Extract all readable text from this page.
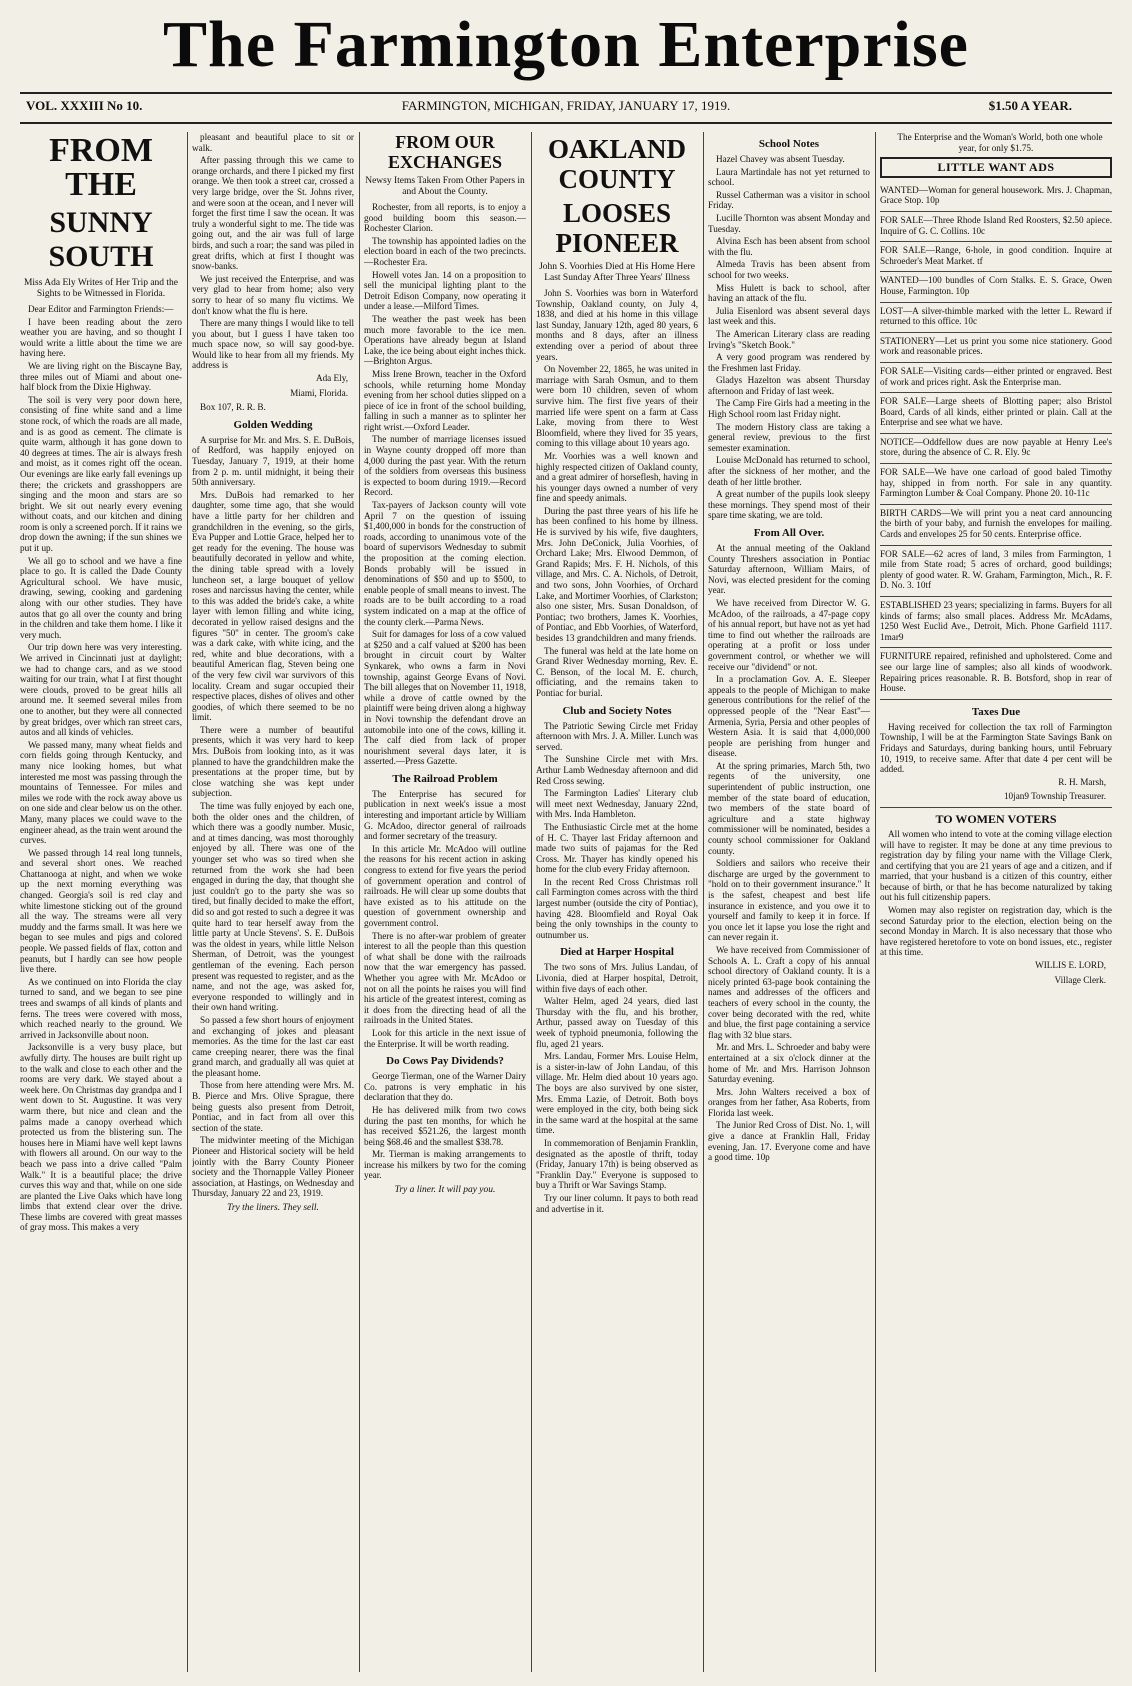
The Farmington Enterprise
VOL. XXXIII No 10.	FARMINGTON, MICHIGAN, FRIDAY, JANUARY 17, 1919.	$1.50 A YEAR.
FROM THE
SUNNY SOUTH
Miss Ada Ely Writes of Her Trip and the Sights to be Witnessed in Florida.

Dear Editor and Farmington Friends:—

I have been reading about the zero weather you are having, and so thought I would write a little about the time we are having here.

We are living right on the Biscayne Bay, three miles out of Miami and about one-half block from the Dixie Highway.

The soil is very very poor down here, consisting of fine white sand and a lime stone rock, of which the roads are all made, and is as good as cement. The climate is quite warm, although it has gone down to 40 degrees at times. The air is always fresh and moist, as it comes right off the ocean. Our evenings are like early fall evenings up there; the crickets and grasshoppers are singing and the moon and stars are so bright. We sit out nearly every evening without coats, and our kitchen and dining room is only a screened porch. If it rains we drop down the awning; if the sun shines we put it up.

We all go to school and we have a fine place to go. It is called the Dade County Agricultural school. We have music, drawing, sewing, cooking and gardening along with our other studies. They have autos that go all over the county and bring in the children and take them home. I like it very much.

Our trip down here was very interesting. We arrived in Cincinnati just at daylight; we had to change cars, and as we stood waiting for our train, what I at first thought were clouds, proved to be great hills all around me. It seemed several miles from one to another, but they were all connected by great bridges, over which ran street cars, autos and all kinds of vehicles.

We passed many, many wheat fields and corn fields going through Kentucky, and many nice looking homes, but what interested me most was passing through the mountains of Tennessee. For miles and miles we rode with the rock away above us on one side and clear below us on the other. Many, many places we could wave to the engineer ahead, as the train went around the curves.

We passed through 14 real long tunnels, and several short ones. We reached Chattanooga at night, and when we woke up the next morning everything was changed. Georgia's soil is red clay and white limestone sticking out of the ground all the way. The streams were all very muddy and the farms small. It was here we began to see mules and pigs and colored people. We passed fields of flax, cotton and peanuts, but I hardly can see how people live there.

As we continued on into Florida the clay turned to sand, and we began to see pine trees and swamps of all kinds of plants and ferns. The trees were covered with moss, which reached nearly to the ground. We arrived in Jacksonville about noon.

Jacksonville is a very busy place, but awfully dirty. The houses are built right up to the walk and close to each other and the rooms are very dark. We stayed about a week here. On Christmas day grandpa and I went down to St. Augustine. It was very warm there, but nice and clean and the palms made a canopy overhead which protected us from the blistering sun. The houses here in Miami have well kept lawns with flowers all around. On our way to the beach we pass into a drive called "Palm Walk." It is a beautiful place; the drive curves this way and that, while on one side are planted the Live Oaks which have long limbs that extend clear over the drive. These limbs are covered with great masses of gray moss. This makes a very

pleasant and beautiful place to sit or walk.

After passing through this we came to orange orchards, and there I picked my first orange. We then took a street car, crossed a very large bridge, over the St. Johns river, and were soon at the ocean, and I never will forget the first time I saw the ocean. It was truly a wonderful sight to me. The tide was going out, and the air was full of large birds, and such a roar; the sand was piled in great drifts, which at first I thought was snow-banks.

We just received the Enterprise, and was very glad to hear from home; also very sorry to hear of so many flu victims. We don't know what the flu is here.

There are many things I would like to tell you about, but I guess I have taken too much space now, so will say good-bye. Would like to hear from all my friends. My address is

Ada Ely,
Miami, Florida.

Box 107, R. R. B.

Golden Wedding

A surprise for Mr. and Mrs. S. E. DuBois, of Redford, was happily enjoyed on Tuesday, January 7, 1919, at their home from 2 p. m. until midnight, it being their 50th anniversary.

Mrs. DuBois had remarked to her daughter, some time ago, that she would have a little party for her children and grandchildren in the evening, so the girls, Eva Pupper and Lottie Grace, helped her to get ready for the evening. The house was beautifully decorated in yellow and white, the dining table spread with a lovely luncheon set, a large bouquet of yellow roses and narcissus having the center, while to this was added the bride's cake, a white layer with lemon filling and white icing, decorated in yellow raised designs and the figures "50" in center. The groom's cake was a dark cake, with white icing, and the red, white and blue decorations, with a beautiful American flag, Steven being one of the very few civil war survivors of this locality. Cream and sugar occupied their respective places, dishes of olives and other goodies, of which there seemed to be no limit.

There were a number of beautiful presents, which it was very hard to keep Mrs. DuBois from looking into, as it was planned to have the grandchildren make the presentations at the proper time, but by close watching she was kept under subjection.

The time was fully enjoyed by each one, both the older ones and the children, of which there was a goodly number. Music, and at times dancing, was most thoroughly enjoyed by all. There was one of the younger set who was so tired when she returned from the work she had been engaged in during the day, that thought she just couldn't go to the party she was so tired, but finally decided to make the effort, did so and got rested to such a degree it was quite hard to tear herself away from the little party at Uncle Stevens'. S. E. DuBois was the oldest in years, while little Nelson Sherman, of Detroit, was the youngest gentleman of the evening. Each person present was requested to register, and as the name, and not the age, was asked for, everyone responded to willingly and in their own hand writing.

So passed a few short hours of enjoyment and exchanging of jokes and pleasant memories. As the time for the last car east came creeping nearer, there was the final grand march, and gradually all was quiet at the pleasant home.

Those from here attending were Mrs. M. B. Pierce and Mrs. Olive Sprague, there being guests also present from Detroit, Pontiac, and in fact from all over this section of the state.

The midwinter meeting of the Michigan Pioneer and Historical society will be held jointly with the Barry County Pioneer society and the Thornapple Valley Pioneer association, at Hastings, on Wednesday and Thursday, January 22 and 23, 1919.

Try the liners. They sell.
FROM OUR EXCHANGES
Newsy Items Taken From Other Papers in and About the County.

Rochester, from all reports, is to enjoy a good building boom this season.—Rochester Clarion.

The township has appointed ladies on the election board in each of the two precincts.—Rochester Era.

Howell votes Jan. 14 on a proposition to sell the municipal lighting plant to the Detroit Edison Company, now operating it under a lease.—Milford Times.

The weather the past week has been much more favorable to the ice men. Operations have already begun at Island Lake, the ice being about eight inches thick.—Brighton Argus.

Miss Irene Brown, teacher in the Oxford schools, while returning home Monday evening from her school duties slipped on a piece of ice in front of the school building, falling in such a manner as to splinter her right wrist.—Oxford Leader.

The number of marriage licenses issued in Wayne county dropped off more than 4,000 during the past year. With the return of the soldiers from overseas this business is expected to boom during 1919.—Record Record.

Tax-payers of Jackson county will vote April 7 on the question of issuing $1,400,000 in bonds for the construction of roads, according to unanimous vote of the board of supervisors Wednesday to submit the proposition at the coming election. Bonds probably will be issued in denominations of $50 and up to $500, to enable people of small means to invest. The roads are to be built according to a road system indicated on a map at the office of the county clerk.—Parma News.

Suit for damages for loss of a cow valued at $250 and a calf valued at $200 has been brought in circuit court by Walter Synkarek, who owns a farm in Novi township, against George Evans of Novi. The bill alleges that on November 11, 1918, while a drove of cattle owned by the plaintiff were being driven along a highway in Novi township the defendant drove an automobile into one of the cows, killing it. The calf died from lack of proper nourishment several days later, it is asserted.—Press Gazette.

The Railroad Problem

The Enterprise has secured for publication in next week's issue a most interesting and important article by William G. McAdoo, director general of railroads and former secretary of the treasury.

In this article Mr. McAdoo will outline the reasons for his recent action in asking congress to extend for five years the period of government operation and control of railroads. He will clear up some doubts that have existed as to his attitude on the question of government ownership and government control.

There is no after-war problem of greater interest to all the people than this question of what shall be done with the railroads now that the war emergency has passed. Whether you agree with Mr. McAdoo or not on all the points he raises you will find his article of the greatest interest, coming as it does from the directing head of all the railroads in the United States.

Look for this article in the next issue of the Enterprise. It will be worth reading.

Do Cows Pay Dividends?

George Tierman, one of the Warner Dairy Co. patrons is very emphatic in his declaration that they do.

He has delivered milk from two cows during the past ten months, for which he has received $521.26, the largest month being $68.46 and the smallest $38.78.

Mr. Tierman is making arrangements to increase his milkers by two for the coming year.

Try a liner. It will pay you.
OAKLAND COUNTY
LOOSES PIONEER
John S. Voorhies Died at His Home Here Last Sunday After Three Years' Illness

John S. Voorhies was born in Waterford Township, Oakland county, on July 4, 1838, and died at his home in this village last Sunday, January 12th, aged 80 years, 6 months and 8 days, after an illness extending over a period of about three years.

On November 22, 1865, he was united in marriage with Sarah Osmun, and to them were born 10 children, seven of whom survive him. The first five years of their married life were spent on a farm at Cass Lake, moving from there to West Bloomfield, where they lived for 35 years, coming to this village about 10 years ago.

Mr. Voorhies was a well known and highly respected citizen of Oakland county, and a great admirer of horseflesh, having in his younger days owned a number of very fine and speedy animals.

During the past three years of his life he has been confined to his home by illness. He is survived by his wife, five daughters, Mrs. John DeConick, Julia Voorhies, of Orchard Lake; Mrs. Elwood Demmon, of Grand Rapids; Mrs. F. H. Nichols, of this village, and Mrs. C. A. Nichols, of Detroit, and two sons, John Voorhies, of Orchard Lake, and Mortimer Voorhies, of Clarkston; also one sister, Mrs. Susan Donaldson, of Pontiac; two brothers, James K. Voorhies, of Pontiac, and Ebb Voorhies, of Waterford, besides 13 grandchildren and many friends.

The funeral was held at the late home on Grand River Wednesday morning, Rev. E. C. Benson, of the local M. E. church, officiating, and the remains taken to Pontiac for burial.

Club and Society Notes

The Patriotic Sewing Circle met Friday afternoon with Mrs. J. A. Miller. Lunch was served.

The Sunshine Circle met with Mrs. Arthur Lamb Wednesday afternoon and did Red Cross sewing.

The Farmington Ladies' Literary club will meet next Wednesday, January 22nd, with Mrs. Inda Hambleton.

The Enthusiastic Circle met at the home of H. C. Thayer last Friday afternoon and made two suits of pajamas for the Red Cross. Mr. Thayer has kindly opened his home for the club every Friday afternoon.

In the recent Red Cross Christmas roll call Farmington comes across with the third largest number (outside the city of Pontiac), having 428. Bloomfield and Royal Oak being the only townships in the county to outnumber us.

Died at Harper Hospital

The two sons of Mrs. Julius Landau, of Livonia, died at Harper hospital, Detroit, within five days of each other.

Walter Helm, aged 24 years, died last Thursday with the flu, and his brother, Arthur, passed away on Tuesday of this week of typhoid pneumonia, following the flu, aged 21 years.

Mrs. Landau, Former Mrs. Louise Helm, is a sister-in-law of John Landau, of this village. Mr. Helm died about 10 years ago. The boys are also survived by one sister, Mrs. Emma Lazie, of Detroit. Both boys were employed in the city, both being sick in the same ward at the hospital at the same time.

In commemoration of Benjamin Franklin, designated as the apostle of thrift, today (Friday, January 17th) is being observed as "Franklin Day." Everyone is supposed to buy a Thrift or War Savings Stamp.

Try our liner column. It pays to both read and advertise in it.

School Notes

Hazel Chavey was absent Tuesday.

Laura Martindale has not yet returned to school.

Russel Catherman was a visitor in school Friday.

Lucille Thornton was absent Monday and Tuesday.

Alvina Esch has been absent from school with the flu.

Almeda Travis has been absent from school for two weeks.

Miss Hulett is back to school, after having an attack of the flu.

Julia Eisenlord was absent several days last week and this.

The American Literary class are reading Irving's "Sketch Book."

A very good program was rendered by the Freshmen last Friday.

Gladys Hazelton was absent Thursday afternoon and Friday of last week.

The Camp Fire Girls had a meeting in the High School room last Friday night.

The modern History class are taking a general review, previous to the first semester examination.

Louise McDonald has returned to school, after the sickness of her mother, and the death of her little brother.

A great number of the pupils look sleepy these mornings. They spend most of their spare time skating, we are told.

From All Over.

At the annual meeting of the Oakland County Threshers association in Pontiac Saturday afternoon, William Mairs, of Novi, was elected president for the coming year.

We have received from Director W. G. McAdoo, of the railroads, a 47-page copy of his annual report, but have not as yet had time to find out whether the railroads are operating at a profit or loss under government control, or whether we will receive our "dividend" or not.

In a proclamation Gov. A. E. Sleeper appeals to the people of Michigan to make generous contributions for the relief of the oppressed people of the "Near East"—Armenia, Syria, Persia and other peoples of Western Asia. It is said that 4,000,000 people are perishing from hunger and disease.

At the spring primaries, March 5th, two regents of the university, one superintendent of public instruction, one member of the state board of education, two members of the state board of agriculture and a state highway commissioner will be nominated, besides a county school commissioner for Oakland county.

Soldiers and sailors who receive their discharge are urged by the government to "hold on to their government insurance." It is the safest, cheapest and best life insurance in existence, and you owe it to yourself and family to keep it in force. If you once let it lapse you lose the right and can never regain it.

We have received from Commissioner of Schools A. L. Craft a copy of his annual school directory of Oakland county. It is a nicely printed 63-page book containing the names and addresses of the officers and teachers of every school in the county, the cover being decorated with the red, white and blue, the first page containing a service flag with 32 blue stars.

Mr. and Mrs. L. Schroeder and baby were entertained at a six o'clock dinner at the home of Mr. and Mrs. Harrison Johnson Saturday evening.

Mrs. John Walters received a box of oranges from her father, Asa Roberts, from Florida last week.

The Junior Red Cross of Dist. No. 1, will give a dance at Franklin Hall, Friday evening, Jan. 17. Everyone come and have a good time. 10p

The Enterprise and the Woman's World, both one whole year, for only $1.75.

LITTLE WANT ADS

WANTED—Woman for general housework. Mrs. J. Chapman, Grace Stop. 10p

FOR SALE—Three Rhode Island Red Roosters, $2.50 apiece. Inquire of G. C. Collins. 10c

FOR SALE—Range, 6-hole, in good condition. Inquire at Schroeder's Meat Market. tf

WANTED—100 bundles of Corn Stalks. E. S. Grace, Owen House, Farmington. 10p

LOST—A silver-thimble marked with the letter L. Reward if returned to this office. 10c

STATIONERY—Let us print you some nice stationery. Good work and reasonable prices.

FOR SALE—Visiting cards—either printed or engraved. Best of work and prices right. Ask the Enterprise man.

FOR SALE—Large sheets of Blotting paper; also Bristol Board, Cards of all kinds, either printed or plain. Call at the Enterprise and see what we have.

NOTICE—Oddfellow dues are now payable at Henry Lee's store, during the absence of C. R. Ely. 9c

FOR SALE—We have one carload of good baled Timothy hay, shipped in from north. For sale in any quantity. Farmington Lumber & Coal Company. Phone 20. 10-11c

BIRTH CARDS—We will print you a neat card announcing the birth of your baby, and furnish the envelopes for mailing. Cards and envelopes 25 for 50 cents. Enterprise office.

FOR SALE—62 acres of land, 3 miles from Farmington, 1 mile from State road; 5 acres of orchard, good buildings; plenty of good water. R. W. Graham, Farmington, Mich., R. F. D. No. 3. 10tf

ESTABLISHED 23 years; specializing in farms. Buyers for all kinds of farms; also small places. Address Mr. McAdams, 1250 West Euclid Ave., Detroit, Mich. Phone Garfield 1117. 1mar9

FURNITURE repaired, refinished and upholstered. Come and see our large line of samples; also all kinds of woodwork. Repairing prices reasonable. R. B. Botsford, shop in rear of House.

Taxes Due

Having received for collection the tax roll of Farmington Township, I will be at the Farmington State Savings Bank on Fridays and Saturdays, during banking hours, until February 10, 1919, to receive same. After that date 4 per cent will be added.

R. H. Marsh,
10jan9 Township Treasurer.
TO WOMEN VOTERS

All women who intend to vote at the coming village election will have to register. It may be done at any time previous to registration day by filing your name with the Village Clerk, and certifying that you are 21 years of age and a citizen, and if married, that your husband is a citizen of this country, either because of birth, or that he has become naturalized by taking out his full citizenship papers.

Women may also register on registration day, which is the second Saturday prior to the election, election being on the second Monday in March. It is also necessary that those who have registered heretofore to vote on bond issues, etc., register at this time.

WILLIS E. LORD,
Village Clerk.
